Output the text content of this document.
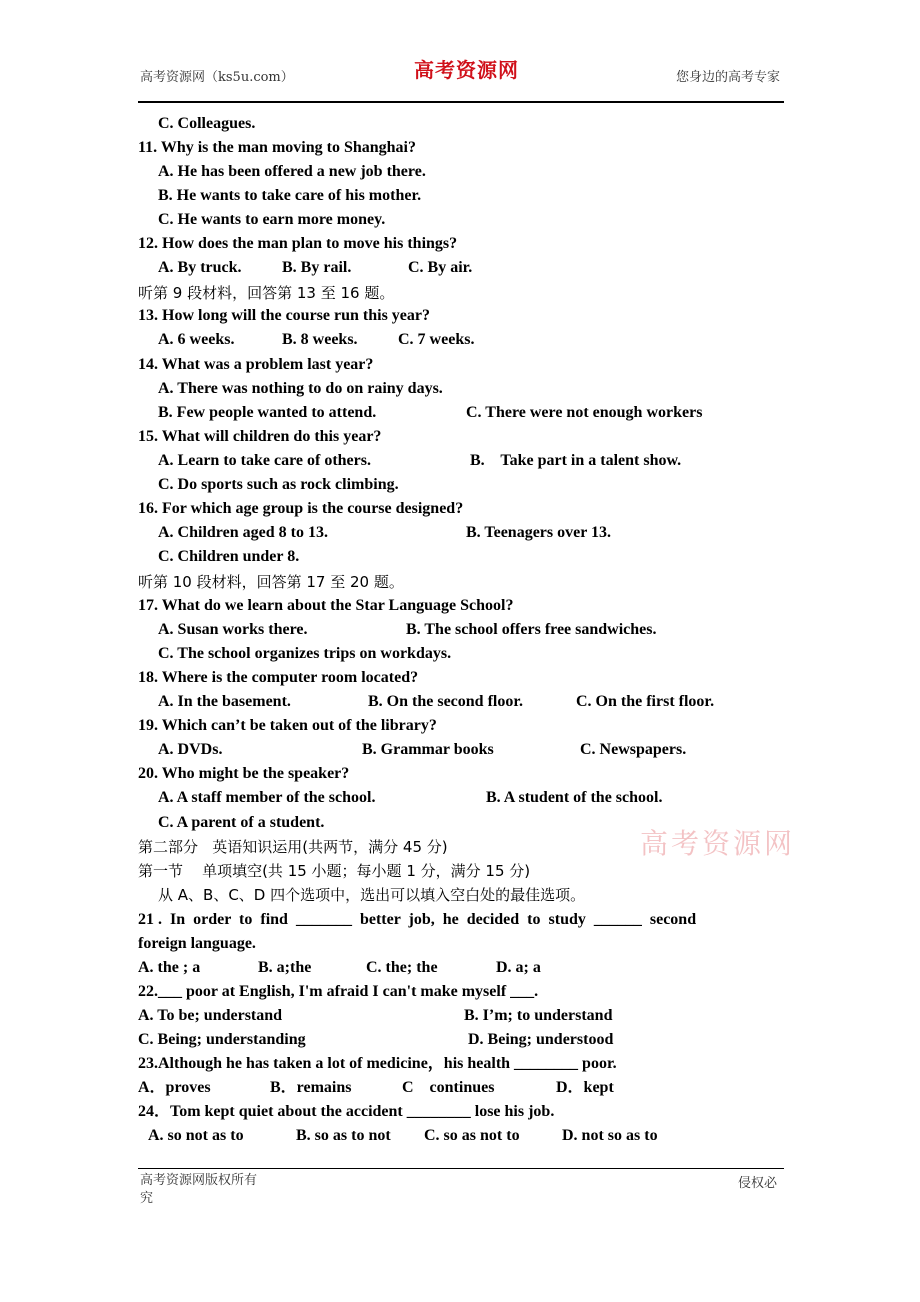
高考资源网（ks5u.com）	高考资源网	您身边的高考专家
C. Colleagues.
11. Why is the man moving to Shanghai?
A. He has been offered a new job there.
B. He wants to take care of his mother.
C. He wants to earn more money.
12. How does the man plan to move his things?
A. By truck.	B. By rail.	C. By air.
听第 9 段材料，回答第 13 至 16 题。
13. How long will the course run this year?
A. 6 weeks.	B. 8 weeks.	C. 7 weeks.
14. What was a problem last year?
A. There was nothing to do on rainy days.
B. Few people wanted to attend.	C. There were not enough workers
15. What will children do this year?
A. Learn to take care of others.	B.    Take part in a talent show.
C. Do sports such as rock climbing.
16. For which age group is the course designed?
A. Children aged 8 to 13.	B. Teenagers over 13.
C. Children under 8.
听第 10 段材料，回答第 17 至 20 题。
17. What do we learn about the Star Language School?
A. Susan works there.	B. The school offers free sandwiches.
C. The school organizes trips on workdays.
18. Where is the computer room located?
A. In the basement.	B. On the second floor.	C. On the first floor.
19. Which can’t be taken out of the library?
A. DVDs.	B. Grammar books	C. Newspapers.
20. Who might be the speaker?
A. A staff member of the school.	B. A student of the school.
C. A parent of a student.
高考资源网
第二部分   英语知识运用(共两节，满分 45 分)
第一节    单项填空(共 15 小题；每小题 1 分，满分 15 分)
从 A、B、C、D 四个选项中，选出可以填入空白处的最佳选项。
21 .  In  order  to  find  _______  better  job,  he  decided  to  study  ______  second
foreign language.
A. the ; a	B. a;the	C. the; the	D. a; a
22.___ poor at English, I'm afraid I can't make myself ___.
A. To be; understand	B. I’m; to understand
C. Being; understanding	D. Being; understood
23.Although he has taken a lot of medicine，his health ________ poor.
A．proves	B．remains	C    continues	D．kept
24．Tom kept quiet about the accident ________ lose his job.
A. so not as to	B. so as to not C. so as not to	D. not so as to
高考资源网版权所有
究
侵权必
